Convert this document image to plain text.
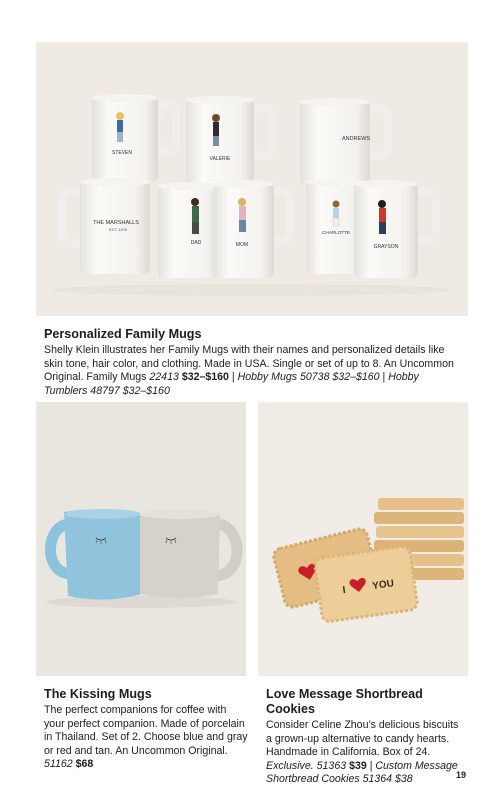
STEVEN
VALERIE
ANDREWS
THE MARSHALLS
EST. 1976
DAD	MOM
CHARLOTTE
GRAYSON
Personalized Family Mugs

Shelly Klein illustrates her Family Mugs with their names and personalized details like skin tone, hair color, and clothing. Made in USA. Single or set of up to 8. An Uncommon Original. Family Mugs 22413 $32–$160 | Hobby Mugs 50738 $32–$160 | Hobby Tumblers 48797 $32–$160

The Kissing Mugs

The perfect companions for coffee with your perfect companion. Made of porcelain in Thailand. Set of 2. Choose blue and gray or red and tan. An Uncommon Original. 51162 $68

I	YOU
Love Message Shortbread Cookies

Consider Celine Zhou’s delicious biscuits a grown-up alternative to candy hearts. Handmade in California. Box of 24. Exclusive. 51363 $39 | Custom Message Shortbread Cookies 51364 $38	19
